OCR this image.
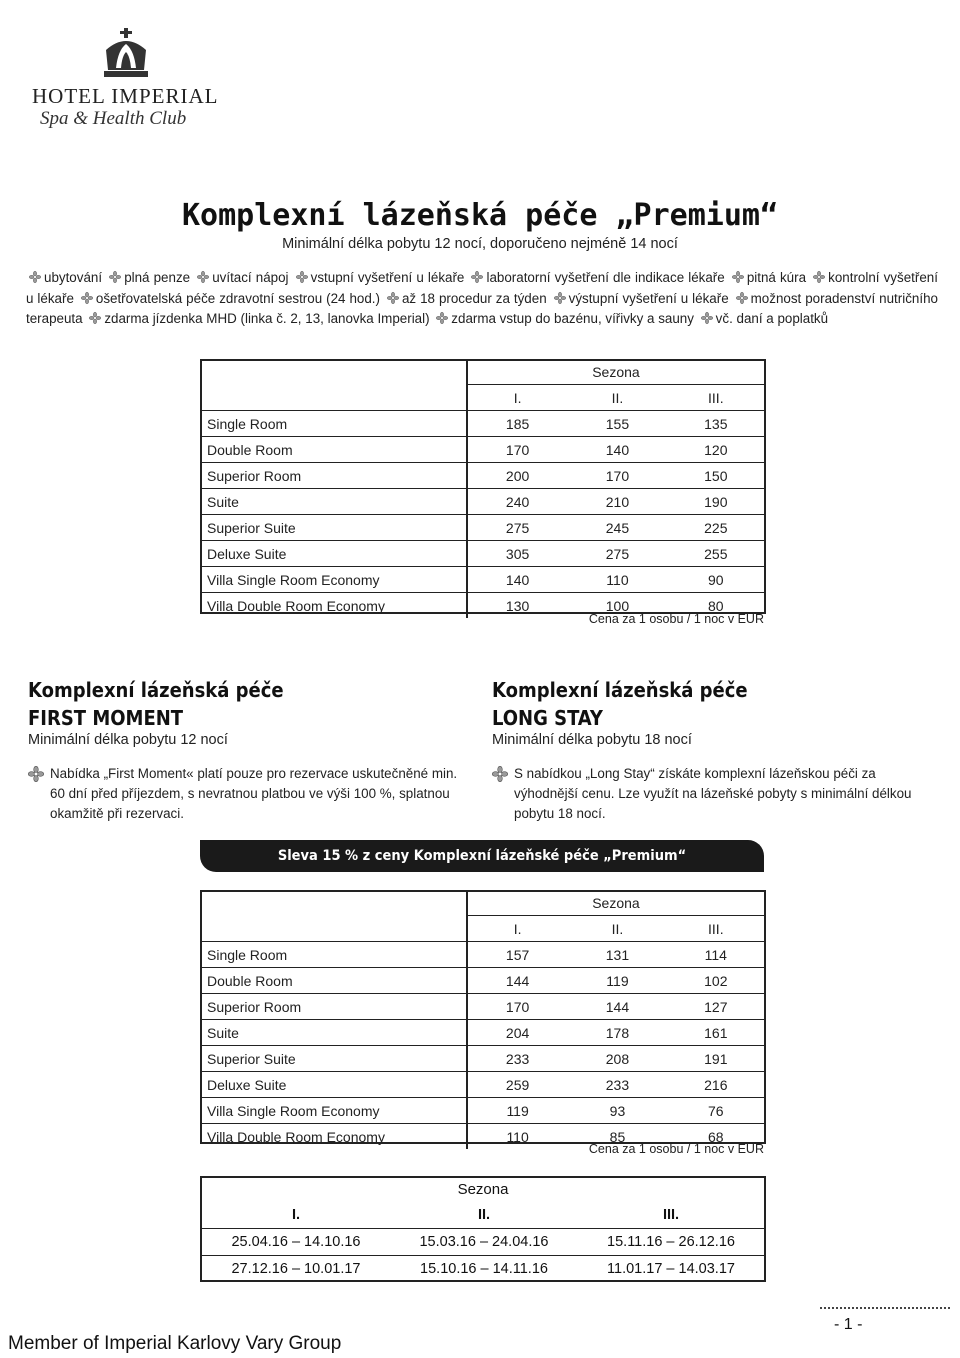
HOTEL IMPERIAL
Spa & Health Club
Komplexní lázeňská péče „Premium“
Minimální délka pobytu 12 nocí, doporučeno nejméně 14 nocí
ubytování plná penze uvítací nápoj vstupní vyšetření u lékaře laboratorní vyšetření dle indikace lékaře pitná kúra kontrolní vyšetření u lékaře ošetřovatelská péče zdravotní sestrou (24 hod.) až 18 procedur za týden výstupní vyšetření u lékaře možnost poradenství nutričního terapeuta zdarma jízdenka MHD (linka č. 2, 13, lanovka Imperial) zdarma vstup do bazénu, vířivky a sauny vč. daní a poplatků
	Sezona		
	I.	II.	III.
Single Room	185	155	135
Double Room	170	140	120
Superior Room	200	170	150
Suite	240	210	190
Superior Suite	275	245	225
Deluxe Suite	305	275	255
Villa Single Room Economy	140	110	90
Villa Double Room Economy	130	100	80
Cena za 1 osobu / 1 noc v EUR
Komplexní lázeňská péče
FIRST MOMENT
Minimální délka pobytu 12 nocí
Nabídka „First Moment« platí pouze pro rezervace uskutečněné min. 60 dní před příjezdem, s nevratnou platbou ve výši 100 %, splatnou okamžitě při rezervaci.
Komplexní lázeňská péče
LONG STAY
Minimální délka pobytu 18 nocí
S nabídkou „Long Stay“ získáte komplexní lázeňskou péči za výhodnější cenu. Lze využít na lázeňské pobyty s minimální délkou pobytu 18 nocí.
Sleva 15 % z ceny Komplexní lázeňské péče „Premium“
	Sezona		
	I.	II.	III.
Single Room	157	131	114
Double Room	144	119	102
Superior Room	170	144	127
Suite	204	178	161
Superior Suite	233	208	191
Deluxe Suite	259	233	216
Villa Single Room Economy	119	93	76
Villa Double Room Economy	110	85	68
Cena za 1 osobu / 1 noc v EUR
Sezona		
I.	II.	III.
25.04.16 – 14.10.16	15.03.16 – 24.04.16	15.11.16 – 26.12.16
27.12.16 – 10.01.17	15.10.16 – 14.11.16	11.01.17 – 14.03.17
- 1 -
Member of Imperial Karlovy Vary Group
